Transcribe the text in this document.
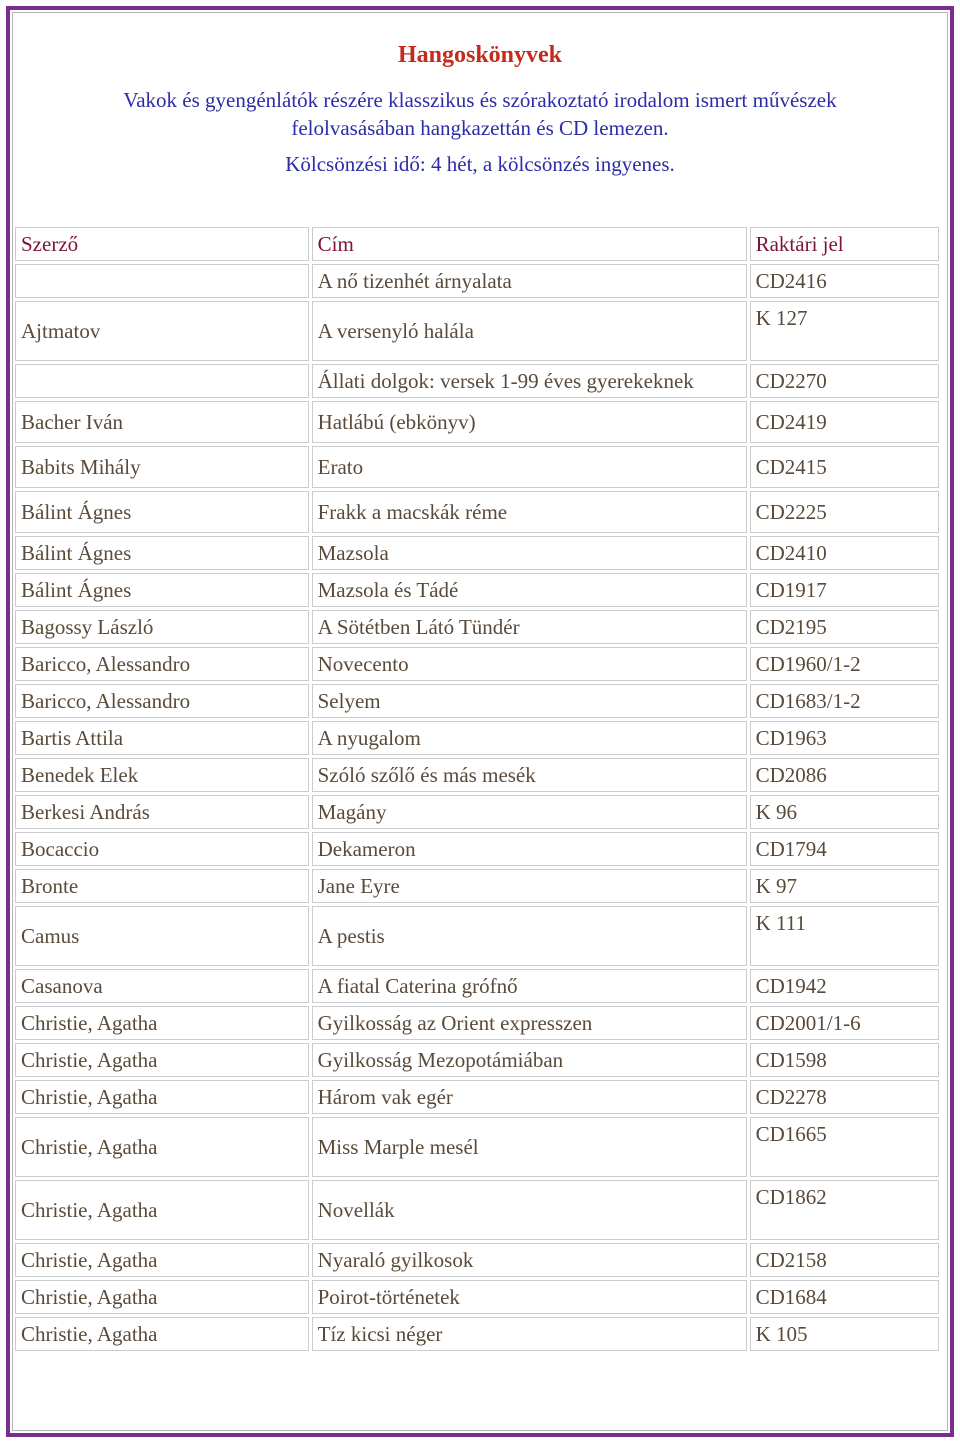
Hangoskönyvek
Vakok és gyengénlátók részére klasszikus és szórakoztató irodalom ismert művészek felolvasásában hangkazettán és CD lemezen.
Kölcsönzési idő: 4 hét, a kölcsönzés ingyenes.
Szerző	Cím	Raktári jel
	A nő tizenhét árnyalata	CD2416
Ajtmatov	A versenyló halála	K 127
	Állati dolgok: versek 1-99 éves gyerekeknek	CD2270
Bacher Iván	Hatlábú (ebkönyv)	CD2419
Babits Mihály	Erato	CD2415
Bálint Ágnes	Frakk a macskák réme	CD2225
Bálint Ágnes	Mazsola	CD2410
Bálint Ágnes	Mazsola és Tádé	CD1917
Bagossy László	A Sötétben Látó Tündér	CD2195
Baricco, Alessandro	Novecento	CD1960/1-2
Baricco, Alessandro	Selyem	CD1683/1-2
Bartis Attila	A nyugalom	CD1963
Benedek Elek	Szóló szőlő és más mesék	CD2086
Berkesi András	Magány	K 96
Bocaccio	Dekameron	CD1794
Bronte	Jane Eyre	K 97
Camus	A pestis	K 111
Casanova	A fiatal Caterina grófnő	CD1942
Christie, Agatha	Gyilkosság az Orient expresszen	CD2001/1-6
Christie, Agatha	Gyilkosság Mezopotámiában	CD1598
Christie, Agatha	Három vak egér	CD2278
Christie, Agatha	Miss Marple mesél	CD1665
Christie, Agatha	Novellák	CD1862
Christie, Agatha	Nyaraló gyilkosok	CD2158
Christie, Agatha	Poirot-történetek	CD1684
Christie, Agatha	Tíz kicsi néger	K 105
